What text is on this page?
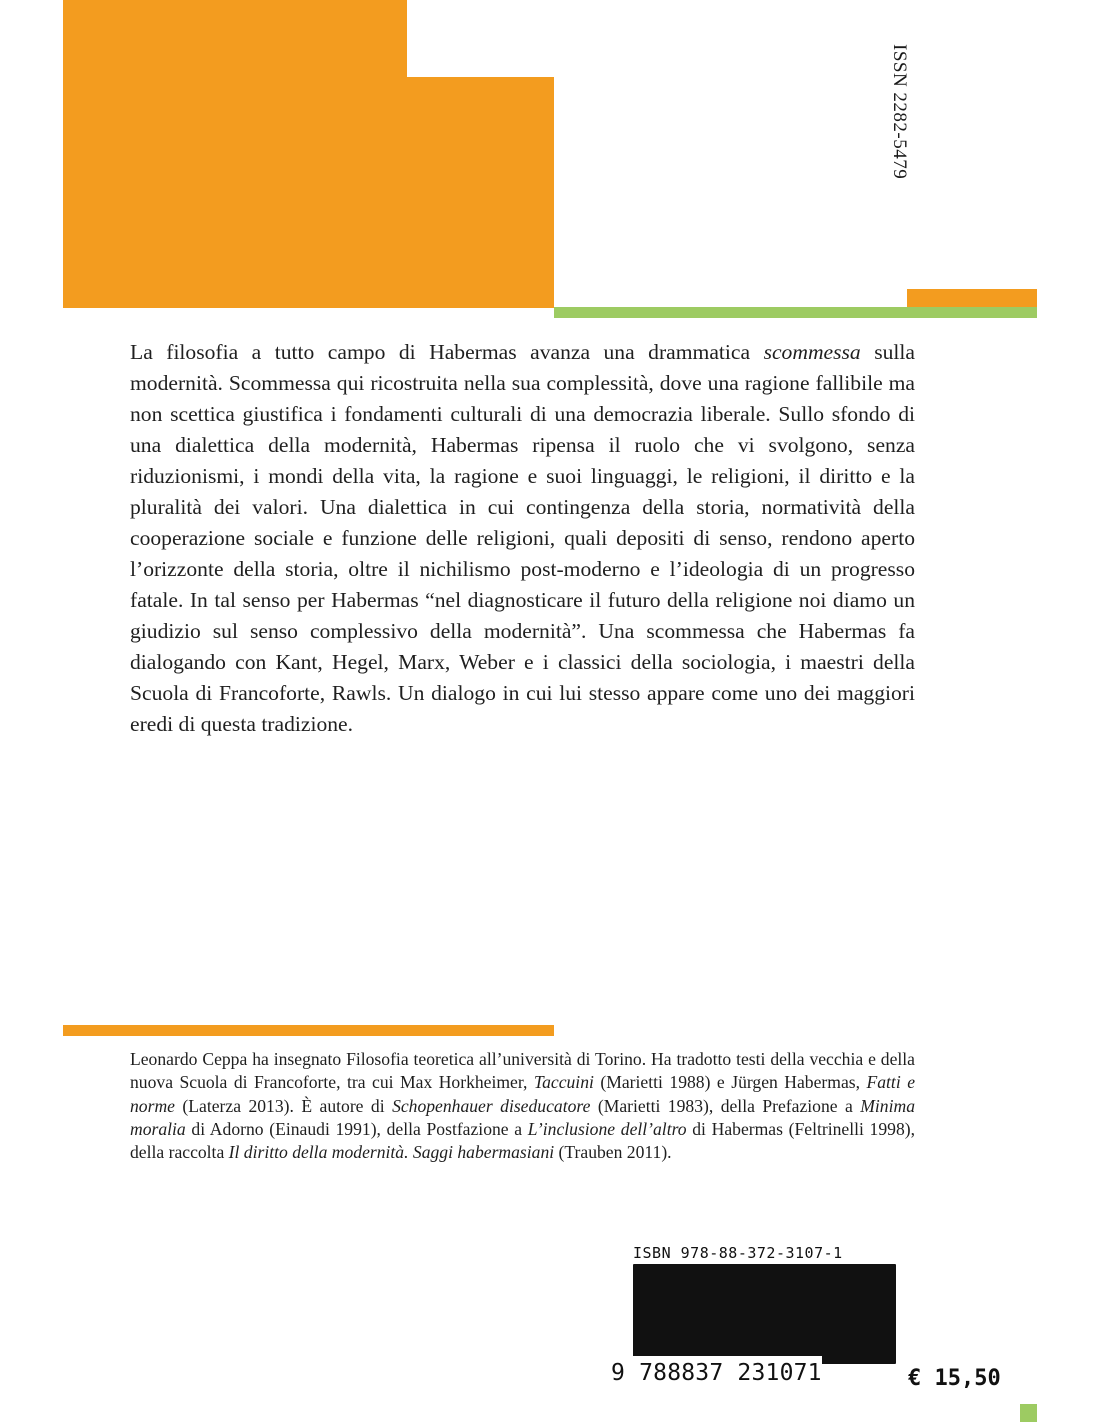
ISSN 2282-5479

La filosofia a tutto campo di Habermas avanza una drammatica scommessa sulla modernità. Scommessa qui ricostruita nella sua complessità, dove una ragione fallibile ma non scettica giustifica i fondamenti culturali di una democrazia liberale. Sullo sfondo di una dialettica della modernità, Habermas ripensa il ruolo che vi svolgono, senza riduzionismi, i mondi della vita, la ragione e suoi linguaggi, le religioni, il diritto e la pluralità dei valori. Una dialettica in cui contingenza della storia, normatività della cooperazione sociale e funzione delle religioni, quali depositi di senso, rendono aperto l’orizzonte della storia, oltre il nichilismo post-moderno e l’ideologia di un progresso fatale. In tal senso per Habermas “nel diagnosticare il futuro della religione noi diamo un giudizio sul senso complessivo della modernità”. Una scommessa che Habermas fa dialogando con Kant, Hegel, Marx, Weber e i classici della sociologia, i maestri della Scuola di Francoforte, Rawls. Un dialogo in cui lui stesso appare come uno dei maggiori eredi di questa tradizione.

Leonardo Ceppa ha insegnato Filosofia teoretica all’università di Torino. Ha tradotto testi della vecchia e della nuova Scuola di Francoforte, tra cui Max Horkheimer, Taccuini (Marietti 1988) e Jürgen Habermas, Fatti e norme (Laterza 2013). È autore di Schopenhauer diseducatore (Marietti 1983), della Prefazione a Minima moralia di Adorno (Einaudi 1991), della Postfazione a L’inclusione dell’altro di Habermas (Feltrinelli 1998), della raccolta Il diritto della modernità. Saggi habermasiani (Trauben 2011).

ISBN 978-88-372-3107-1
9 788837 231071	€ 15,50
